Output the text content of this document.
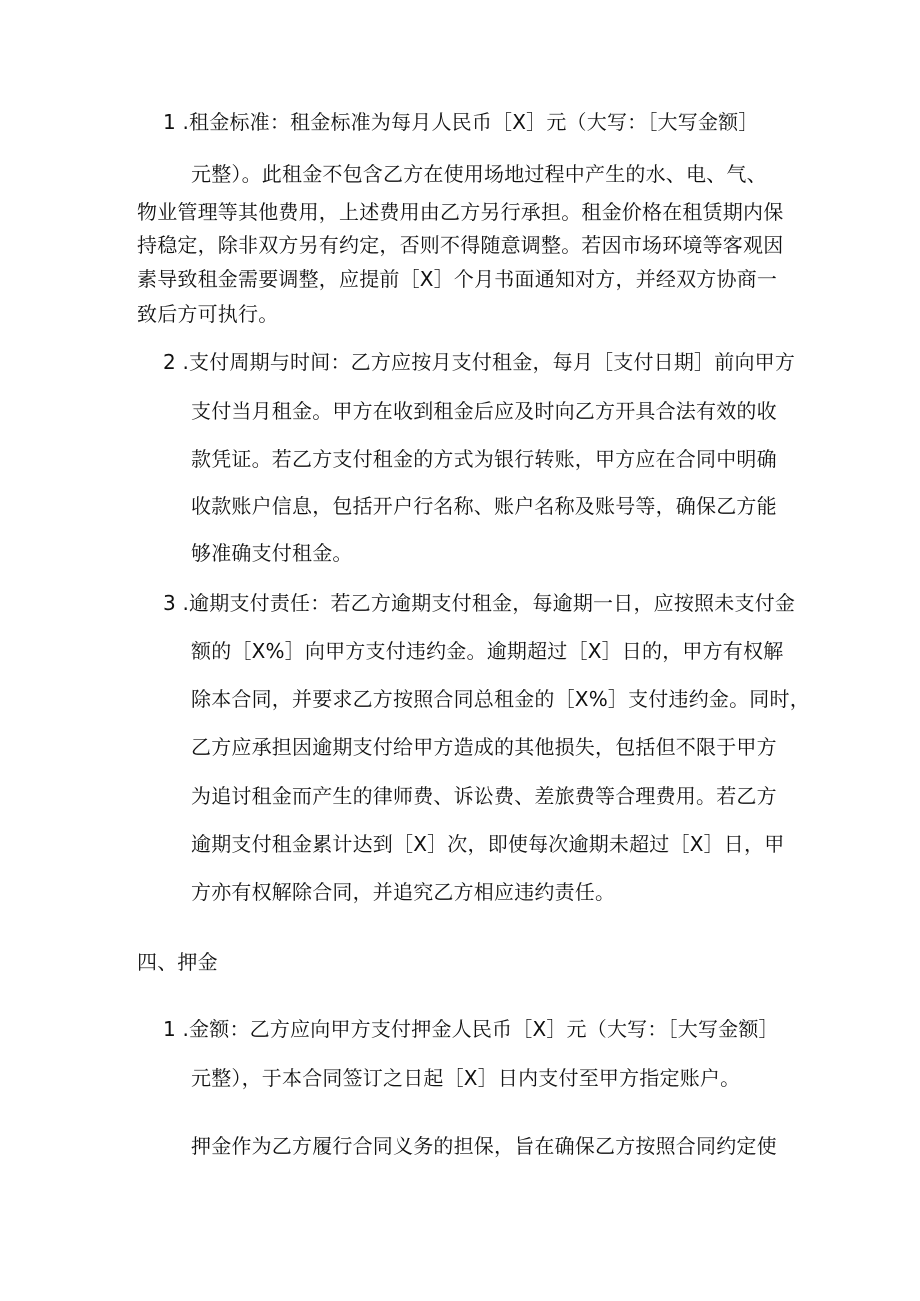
1 .租金标准：租金标准为每月人民币［X］元（大写：［大写金额］
元整）。此租金不包含乙方在使用场地过程中产生的水、电、气、
物业管理等其他费用，上述费用由乙方另行承担。租金价格在租赁期内保
持稳定，除非双方另有约定，否则不得随意调整。若因市场环境等客观因
素导致租金需要调整，应提前［X］个月书面通知对方，并经双方协商一
致后方可执行。
2 .支付周期与时间：乙方应按月支付租金，每月［支付日期］前向甲方
支付当月租金。甲方在收到租金后应及时向乙方开具合法有效的收
款凭证。若乙方支付租金的方式为银行转账，甲方应在合同中明确
收款账户信息，包括开户行名称、账户名称及账号等，确保乙方能
够准确支付租金。
3 .逾期支付责任：若乙方逾期支付租金，每逾期一日，应按照未支付金
额的［X%］向甲方支付违约金。逾期超过［X］日的，甲方有权解
除本合同，并要求乙方按照合同总租金的［X%］支付违约金。同时，
乙方应承担因逾期支付给甲方造成的其他损失，包括但不限于甲方
为追讨租金而产生的律师费、诉讼费、差旅费等合理费用。若乙方
逾期支付租金累计达到［X］次，即使每次逾期未超过［X］日，甲
方亦有权解除合同，并追究乙方相应违约责任。
四、押金
1 .金额：乙方应向甲方支付押金人民币［X］元（大写：［大写金额］
元整），于本合同签订之日起［X］日内支付至甲方指定账户。
押金作为乙方履行合同义务的担保，旨在确保乙方按照合同约定使
